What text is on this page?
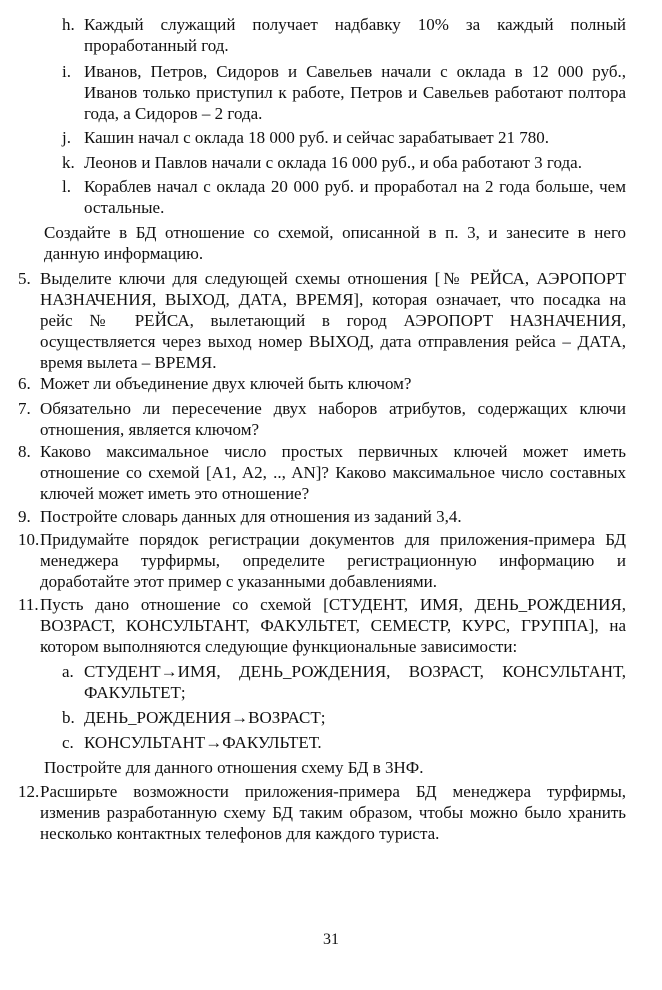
h. Каждый служащий получает надбавку 10% за каждый полный проработанный год.
i. Иванов, Петров, Сидоров и Савельев начали с оклада в 12 000 руб., Иванов только приступил к работе, Петров и Савельев работают полтора года, а Сидоров – 2 года.
j. Кашин начал с оклада 18 000 руб. и сейчас зарабатывает 21 780.
k. Леонов и Павлов начали с оклада 16 000 руб., и оба работают 3 года.
l. Кораблев начал с оклада 20 000 руб. и проработал на 2 года больше, чем остальные.
Создайте в БД отношение со схемой, описанной в п. 3, и занесите в него данную информацию.
5. Выделите ключи для следующей схемы отношения [№ РЕЙСА, АЭРОПОРТ НАЗНАЧЕНИЯ, ВЫХОД, ДАТА, ВРЕМЯ], которая означает, что посадка на рейс № РЕЙСА, вылетающий в город АЭРОПОРТ НАЗНАЧЕНИЯ, осуществляется через выход номер ВЫХОД, дата отправления рейса – ДАТА, время вылета – ВРЕМЯ.
6. Может ли объединение двух ключей быть ключом?
7. Обязательно ли пересечение двух наборов атрибутов, содержащих ключи отношения, является ключом?
8. Каково максимальное число простых первичных ключей может иметь отношение со схемой [A1, A2, .., AN]? Каково максимальное число составных ключей может иметь это отношение?
9. Постройте словарь данных для отношения из заданий 3,4.
10. Придумайте порядок регистрации документов для приложения-примера БД менеджера турфирмы, определите регистрационную информацию и доработайте этот пример с указанными добавлениями.
11. Пусть дано отношение со схемой [СТУДЕНТ, ИМЯ, ДЕНЬ_РОЖДЕНИЯ, ВОЗРАСТ, КОНСУЛЬТАНТ, ФАКУЛЬТЕТ, СЕМЕСТР, КУРС, ГРУППА], на котором выполняются следующие функциональные зависимости:
a. СТУДЕНТ→ИМЯ, ДЕНЬ_РОЖДЕНИЯ, ВОЗРАСТ, КОНСУЛЬТАНТ, ФАКУЛЬТЕТ;
b. ДЕНЬ_РОЖДЕНИЯ→ВОЗРАСТ;
c. КОНСУЛЬТАНТ→ФАКУЛЬТЕТ.
Постройте для данного отношения схему БД в 3НФ.
12. Расширьте возможности приложения-примера БД менеджера турфирмы, изменив разработанную схему БД таким образом, чтобы можно было хранить несколько контактных телефонов для каждого туриста.
31
